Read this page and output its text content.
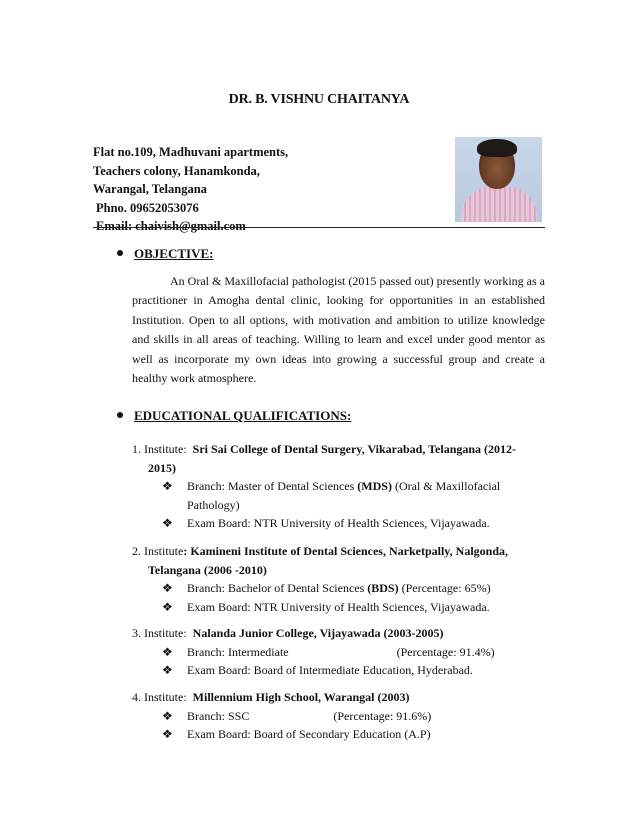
DR. B. VISHNU CHAITANYA
Flat no.109, Madhuvani apartments,
Teachers colony, Hanamkonda,
Warangal, Telangana
Phno. 09652053076
Email: chaivish@gmail.com
OBJECTIVE:
An Oral & Maxillofacial pathologist (2015 passed out) presently working as a practitioner in Amogha dental clinic, looking for opportunities in an established Institution. Open to all options, with motivation and ambition to utilize knowledge and skills in all areas of teaching. Willing to learn and excel under good mentor as well as incorporate my own ideas into growing a successful group and create a healthy work atmosphere.
EDUCATIONAL QUALIFICATIONS:
1. Institute: Sri Sai College of Dental Surgery, Vikarabad, Telangana (2012-
2015)
❖ Branch: Master of Dental Sciences (MDS) (Oral & Maxillofacial Pathology)
❖ Exam Board: NTR University of Health Sciences, Vijayawada.
2. Institute: Kamineni Institute of Dental Sciences, Narketpally, Nalgonda,
Telangana (2006 -2010)
❖ Branch: Bachelor of Dental Sciences (BDS) (Percentage: 65%)
❖ Exam Board: NTR University of Health Sciences, Vijayawada.
3. Institute: Nalanda Junior College, Vijayawada (2003-2005)
❖ Branch: Intermediate	(Percentage: 91.4%)
❖ Exam Board: Board of Intermediate Education, Hyderabad.
4. Institute: Millennium High School, Warangal (2003)
❖ Branch: SSC	(Percentage: 91.6%)
❖ Exam Board: Board of Secondary Education (A.P)
